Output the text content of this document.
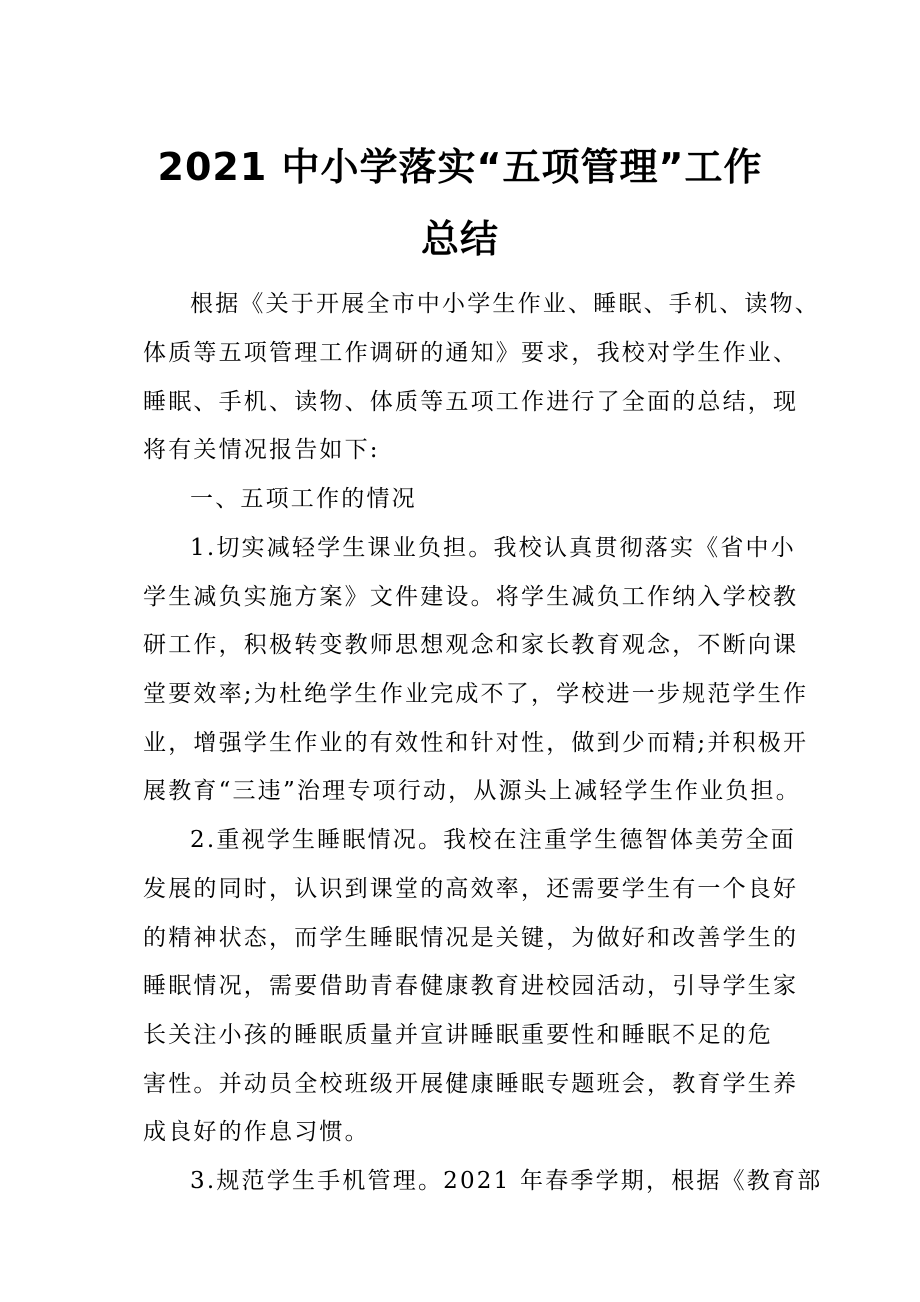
2021 中小学落实“五项管理”工作
总结
根据《关于开展全市中小学生作业、睡眠、手机、读物、
体质等五项管理工作调研的通知》要求，我校对学生作业、
睡眠、手机、读物、体质等五项工作进行了全面的总结，现
将有关情况报告如下:
一、五项工作的情况
1.切实减轻学生课业负担。我校认真贯彻落实《省中小
学生减负实施方案》文件建设。将学生减负工作纳入学校教
研工作，积极转变教师思想观念和家长教育观念，不断向课
堂要效率;为杜绝学生作业完成不了，学校进一步规范学生作
业，增强学生作业的有效性和针对性，做到少而精;并积极开
展教育“三违”治理专项行动，从源头上减轻学生作业负担。
2.重视学生睡眠情况。我校在注重学生德智体美劳全面
发展的同时，认识到课堂的高效率，还需要学生有一个良好
的精神状态，而学生睡眠情况是关键，为做好和改善学生的
睡眠情况，需要借助青春健康教育进校园活动，引导学生家
长关注小孩的睡眠质量并宣讲睡眠重要性和睡眠不足的危
害性。并动员全校班级开展健康睡眠专题班会，教育学生养
成良好的作息习惯。
3.规范学生手机管理。2021 年春季学期，根据《教育部
